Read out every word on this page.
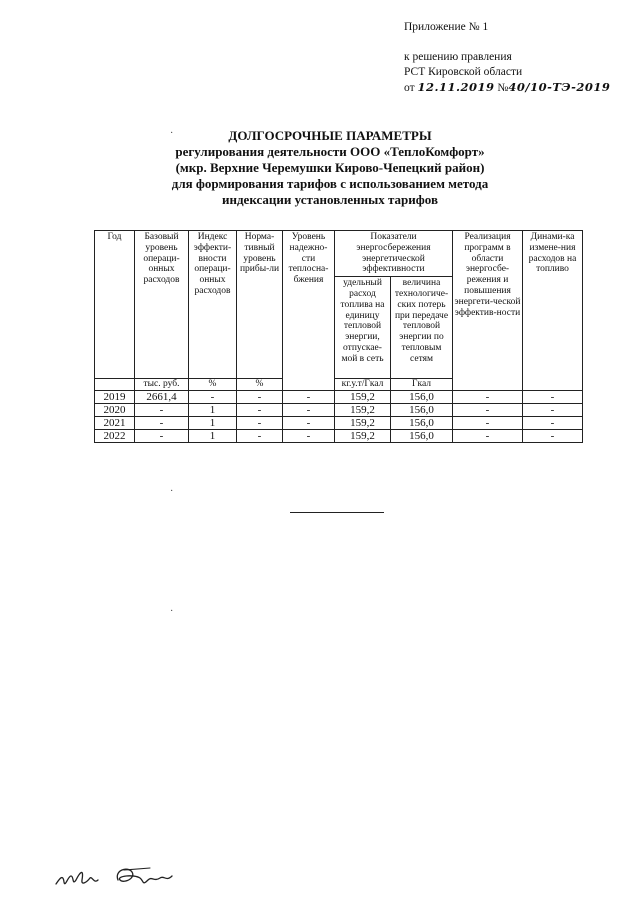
Приложение № 1
к решению правления
РСТ Кировской области
от 12.11.2019 №40/10-ТЭ-2019
·	ДОЛГОСРОЧНЫЕ ПАРАМЕТРЫ
регулирования деятельности ООО «ТеплоКомфорт»
(мкр. Верхние Черемушки Кирово-Чепецкий район)
для формирования тарифов с использованием метода
индексации установленных тарифов
Год	Базовый уровень операци-онных расходов	Индекс эффекти-вности операци-онных расходов	Норма-тивный уровень прибы-ли	Уровень надежно-сти теплосна-бжения	Показатели энергосбережения энергетической эффективности		Реализация программ в области энергосбе-режения и повышения энергети-ческой эффектив-ности	Динами-ка измене-ния расходов на топливо
					удельный расход топлива на единицу тепловой энергии, отпускае-мой в сеть	величина технологиче-ских потерь при передаче тепловой энергии по тепловым сетям		
	тыс. руб.	%	%		кг.у.т/Гкал	Гкал		
2019	2661,4	-	-	-	159,2	156,0	-	-
2020	-	1	-	-	159,2	156,0	-	-
2021	-	1	-	-	159,2	156,0	-	-
2022	-	1	-	-	159,2	156,0	-	-
·
·
